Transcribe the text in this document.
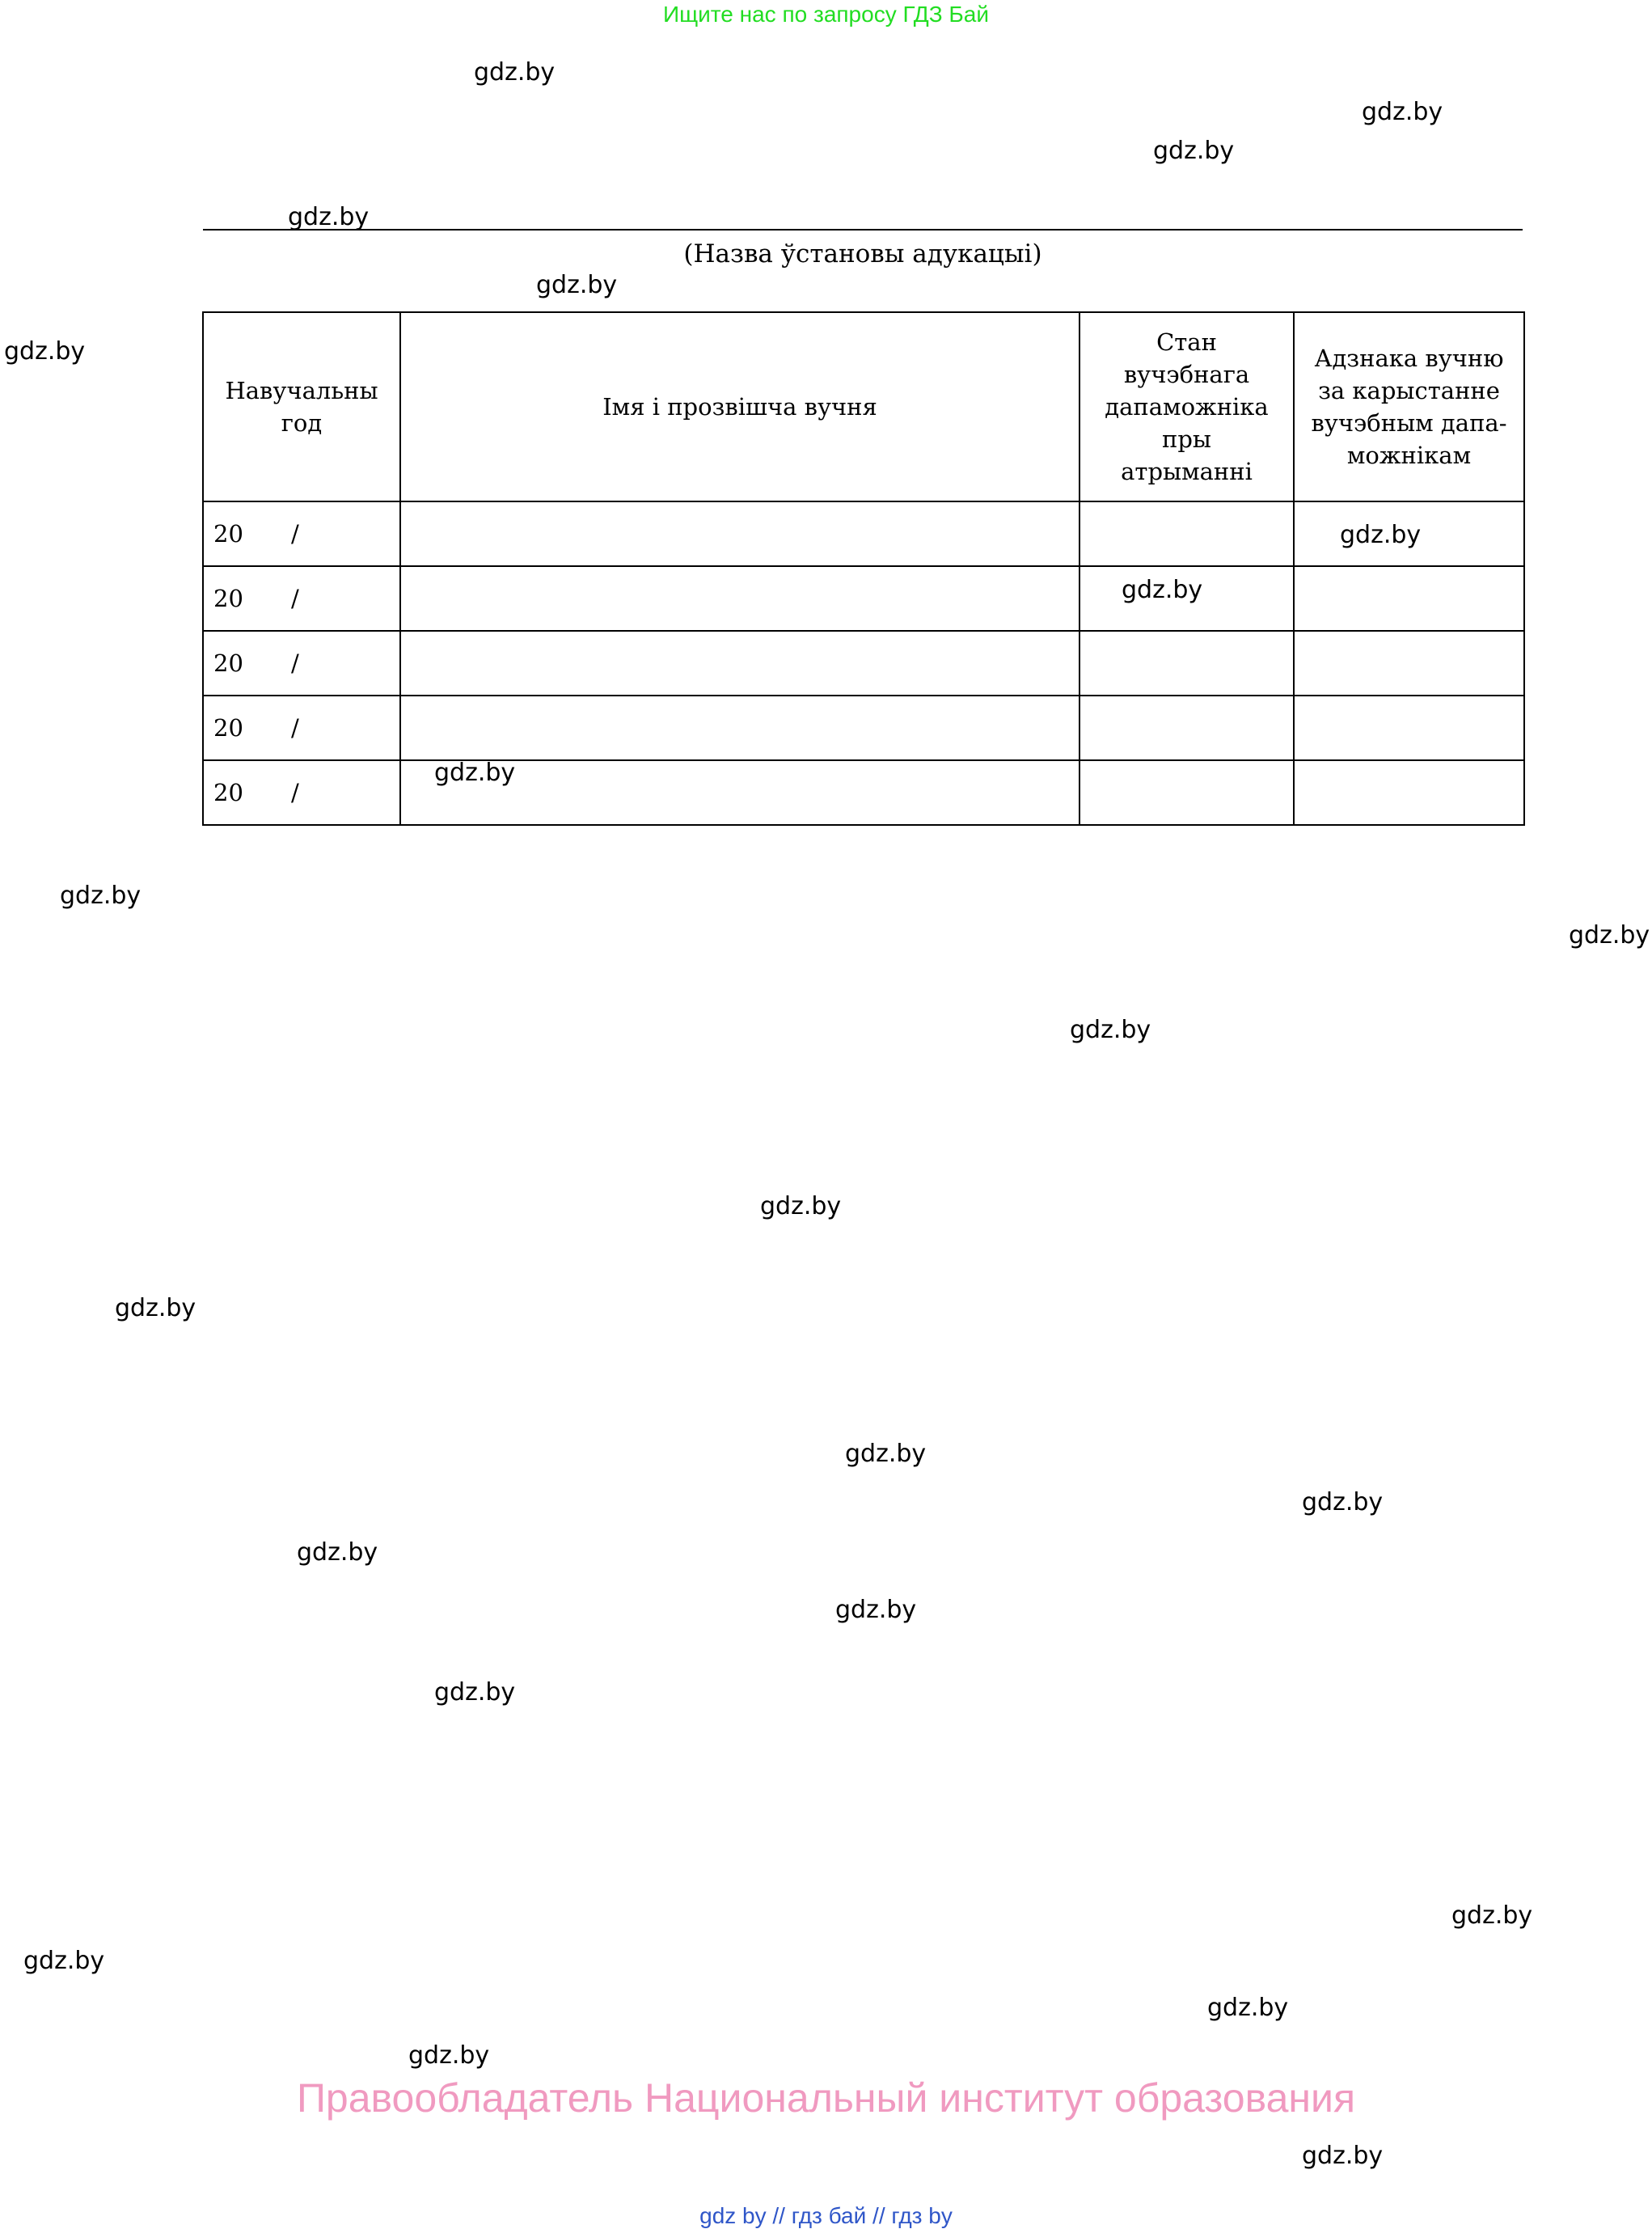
Ищите нас по запросу ГДЗ Бай
gdz.by
gdz.by
gdz.by
gdz.by
gdz.by
gdz.by
gdz.by
gdz.by
gdz.by
gdz.by
gdz.by
gdz.by
gdz.by
gdz.by
gdz.by
gdz.by
gdz.by
gdz.by
gdz.by
gdz.by
gdz.by
(Назва ўстановы адукацыі)
Навучальны год	Імя і прозвішча вучня	Стан вучэбнага дапаможніка пры атрыманні	Адзнака вучню за карыстанне вучэбным дапа-можнікам
20 /			
20 /			
20 /			
20 /			
20 /			
gdz.by
gdz.by
gdz.by
Правообладатель Национальный институт образования
gdz by // гдз бай // гдз by
